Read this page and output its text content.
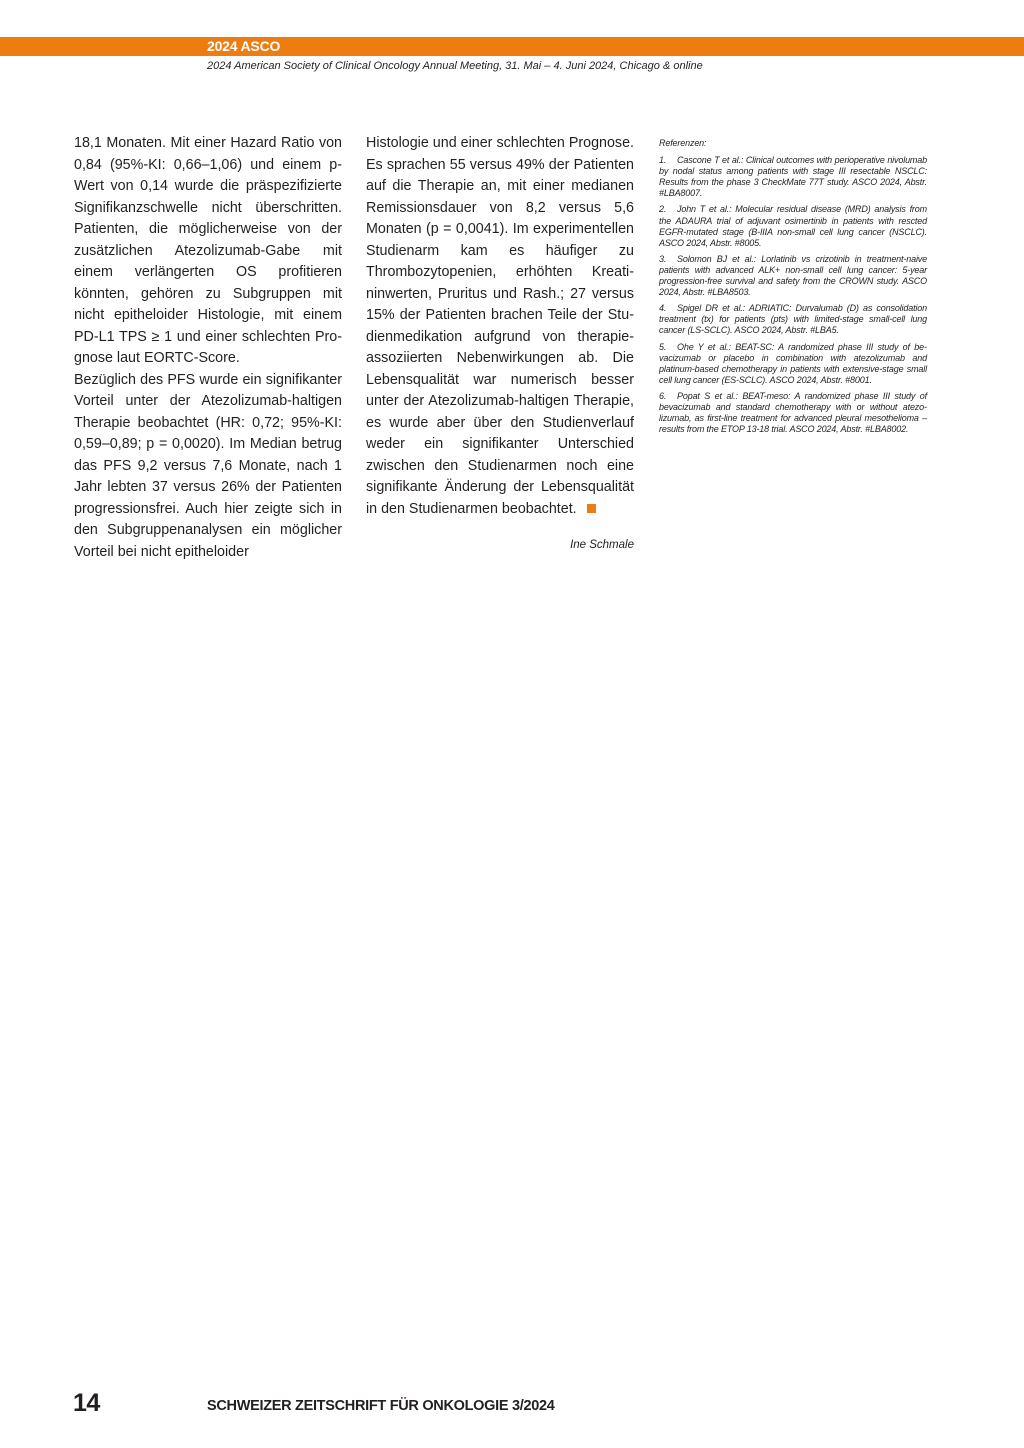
2024 ASCO
2024 American Society of Clinical Oncology Annual Meeting, 31. Mai – 4. Juni 2024, Chicago & online

18,1 Monaten. Mit einer Hazard Ratio von 0,84 (95%-KI: 0,66–1,06) und einem p-Wert von 0,14 wurde die präspezifizierte Signifikanzschwelle nicht überschritten. Patienten, die möglicherweise von der zusätzlichen Atezolizumab-Gabe mit einem verlängerten OS profitieren könnten, gehören zu Subgruppen mit nicht epitheloider Histologie, mit einem PD-L1 TPS ≥ 1 und einer schlechten Prognose laut EORTC-Score.

Bezüglich des PFS wurde ein signifikanter Vorteil unter der Atezolizumab-haltigen Therapie beobachtet (HR: 0,72; 95%-KI: 0,59–0,89; p = 0,0020). Im Median betrug das PFS 9,2 versus 7,6 Monate, nach 1 Jahr lebten 37 versus 26% der Patienten progressionsfrei. Auch hier zeigte sich in den Subgruppenanalysen ein möglicher Vorteil bei nicht epitheloider

Histologie und einer schlechten Prognose. Es sprachen 55 versus 49% der Patienten auf die Therapie an, mit einer medianen Remissionsdauer von 8,2 versus 5,6 Monaten (p = 0,0041). Im experimentellen Studienarm kam es häufiger zu Thrombozytopenien, erhöhten Kreatininwerten, Pruritus und Rash.; 27 versus 15% der Patienten brachen Teile der Studienmedikation aufgrund von therapieassoziierten Nebenwirkungen ab. Die Lebensqualität war numerisch besser unter der Atezolizumab-haltigen Therapie, es wurde aber über den Studienverlauf weder ein signifikanter Unterschied zwischen den Studienarmen noch eine signifikante Änderung der Lebensqualität in den Studienarmen beobachtet.

Ine Schmale

Referenzen:

1. Cascone T et al.: Clinical outcomes with perioperative nivolumab by nodal status among patients with stage III resectable NSCLC: Results from the phase 3 CheckMate 77T study. ASCO 2024, Abstr. #LBA8007.

2. John T et al.: Molecular residual disease (MRD) analysis from the ADAURA trial of adjuvant osimertinib in patients with rescted EGFR-mutated stage (B-IIIA non-small cell lung cancer (NSCLC). ASCO 2024, Abstr. #8005.

3. Solomon BJ et al.: Lorlatinib vs crizotinib in treatment-naive patients with advanced ALK+ non-small cell lung cancer: 5-year progression-free survival and safety from the CROWN study. ASCO 2024, Abstr. #LBA8503.

4. Spigel DR et al.: ADRIATIC: Durvalumab (D) as consolidation treatment (tx) for patients (pts) with limited-stage small-cell lung cancer (LS-SCLC). ASCO 2024, Abstr. #LBA5.

5. Ohe Y et al.: BEAT-SC: A randomized phase III study of bevacizumab or placebo in combination with atezolizumab and platinum-based chemotherapy in patients with extensive-stage small cell lung cancer (ES-SCLC). ASCO 2024, Abstr. #8001.

6. Popat S et al.: BEAT-meso: A randomized phase III study of bevacizumab and standard chemotherapy with or without atezolizumab, as first-line treatment for advanced pleural mesothelioma – results from the ETOP 13-18 trial. ASCO 2024, Abstr. #LBA8002.

14	SCHWEIZER ZEITSCHRIFT FÜR ONKOLOGIE 3/2024
